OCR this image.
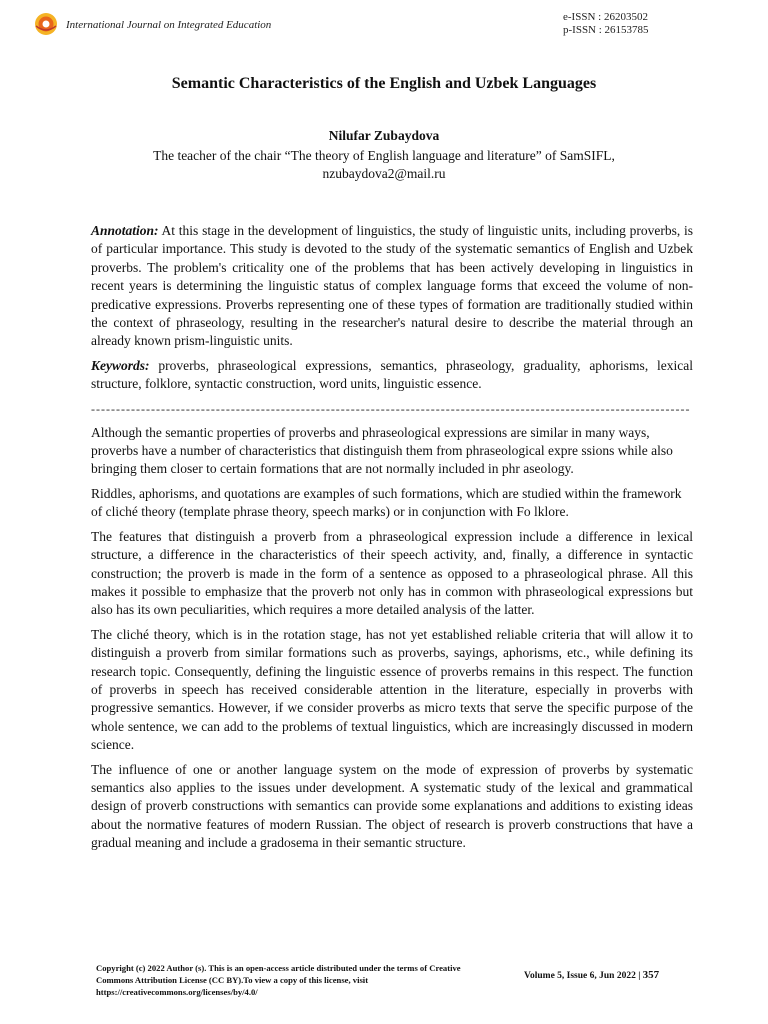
International Journal on Integrated Education
e-ISSN : 26203502
p-ISSN : 26153785
Semantic Characteristics of the English and Uzbek Languages
Nilufar Zubaydova
The teacher of the chair “The theory of English language and literature” of SamSIFL,
nzubaydova2@mail.ru

Annotation: At this stage in the development of linguistics, the study of linguistic units, including proverbs, is of particular importance. This study is devoted to the study of the systematic semantics of English and Uzbek proverbs. The problem's criticality one of the problems that has been actively developing in linguistics in recent years is determining the linguistic status of complex language forms that exceed the volume of non-predicative expressions. Proverbs representing one of these types of formation are traditionally studied within the context of phraseology, resulting in the researcher's natural desire to describe the material through an already known prism-linguistic units.

Keywords: proverbs, phraseological expressions, semantics, phraseology, graduality, aphorisms, lexical structure, folklore, syntactic construction, word units, linguistic essence.

------------------------------------------------------------------------------------------------------------------------

Although the semantic properties of proverbs and phraseological expressions are similar in many ways, proverbs have a number of characteristics that distinguish them from phraseological expre ssions while also bringing them closer to certain formations that are not normally included in phr aseology.

Riddles, aphorisms, and quotations are examples of such formations, which are studied within the framework of cliché theory (template phrase theory, speech marks) or in conjunction with Fo lklore.

The features that distinguish a proverb from a phraseological expression include a difference in lexical structure, a difference in the characteristics of their speech activity, and, finally, a difference in syntactic construction; the proverb is made in the form of a sentence as opposed to a phraseological phrase. All this makes it possible to emphasize that the proverb not only has in common with phraseological expressions but also has its own peculiarities, which requires a more detailed analysis of the latter.

The cliché theory, which is in the rotation stage, has not yet established reliable criteria that will allow it to distinguish a proverb from similar formations such as proverbs, sayings, aphorisms, etc., while defining its research topic. Consequently, defining the linguistic essence of proverbs remains in this respect. The function of proverbs in speech has received considerable attention in the literature, especially in proverbs with progressive semantics. However, if we consider proverbs as micro texts that serve the specific purpose of the whole sentence, we can add to the problems of textual linguistics, which are increasingly discussed in modern science.

The influence of one or another language system on the mode of expression of proverbs by systematic semantics also applies to the issues under development. A systematic study of the lexical and grammatical design of proverb constructions with semantics can provide some explanations and additions to existing ideas about the normative features of modern Russian. The object of research is proverb constructions that have a gradual meaning and include a gradosema in their semantic structure.

Copyright (c) 2022 Author (s). This is an open-access article distributed under the terms of Creative Commons Attribution License (CC BY).To view a copy of this license, visit https://creativecommons.org/licenses/by/4.0/
Volume 5, Issue 6, Jun 2022 | 357
